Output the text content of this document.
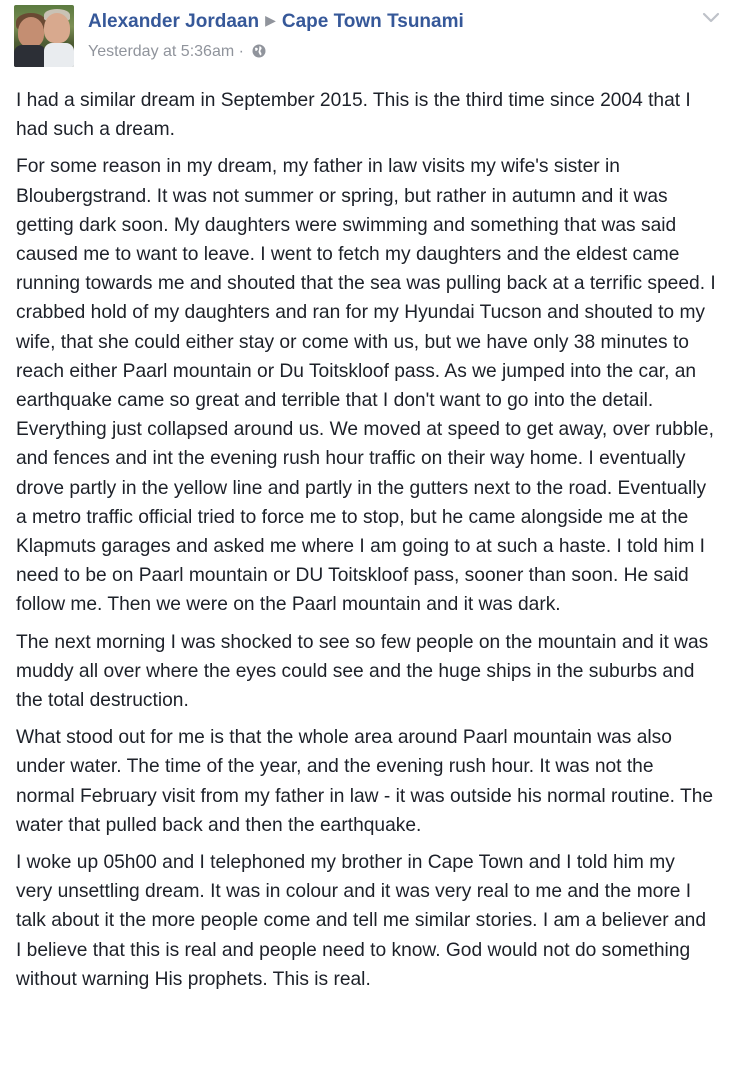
Alexander Jordaan ▶ Cape Town Tsunami
Yesterday at 5:36am ·

I had a similar dream in September 2015. This is the third time since 2004 that I had such a dream.

For some reason in my dream, my father in law visits my wife's sister in Bloubergstrand. It was not summer or spring, but rather in autumn and it was getting dark soon. My daughters were swimming and something that was said caused me to want to leave. I went to fetch my daughters and the eldest came running towards me and shouted that the sea was pulling back at a terrific speed. I crabbed hold of my daughters and ran for my Hyundai Tucson and shouted to my wife, that she could either stay or come with us, but we have only 38 minutes to reach either Paarl mountain or Du Toitskloof pass. As we jumped into the car, an earthquake came so great and terrible that I don't want to go into the detail. Everything just collapsed around us. We moved at speed to get away, over rubble, and fences and int the evening rush hour traffic on their way home. I eventually drove partly in the yellow line and partly in the gutters next to the road. Eventually a metro traffic official tried to force me to stop, but he came alongside me at the Klapmuts garages and asked me where I am going to at such a haste. I told him I need to be on Paarl mountain or DU Toitskloof pass, sooner than soon. He said follow me. Then we were on the Paarl mountain and it was dark.

The next morning I was shocked to see so few people on the mountain and it was muddy all over where the eyes could see and the huge ships in the suburbs and the total destruction.

What stood out for me is that the whole area around Paarl mountain was also under water. The time of the year, and the evening rush hour. It was not the normal February visit from my father in law - it was outside his normal routine. The water that pulled back and then the earthquake.

I woke up 05h00 and I telephoned my brother in Cape Town and I told him my very unsettling dream. It was in colour and it was very real to me and the more I talk about it the more people come and tell me similar stories. I am a believer and I believe that this is real and people need to know. God would not do something without warning His prophets. This is real.
